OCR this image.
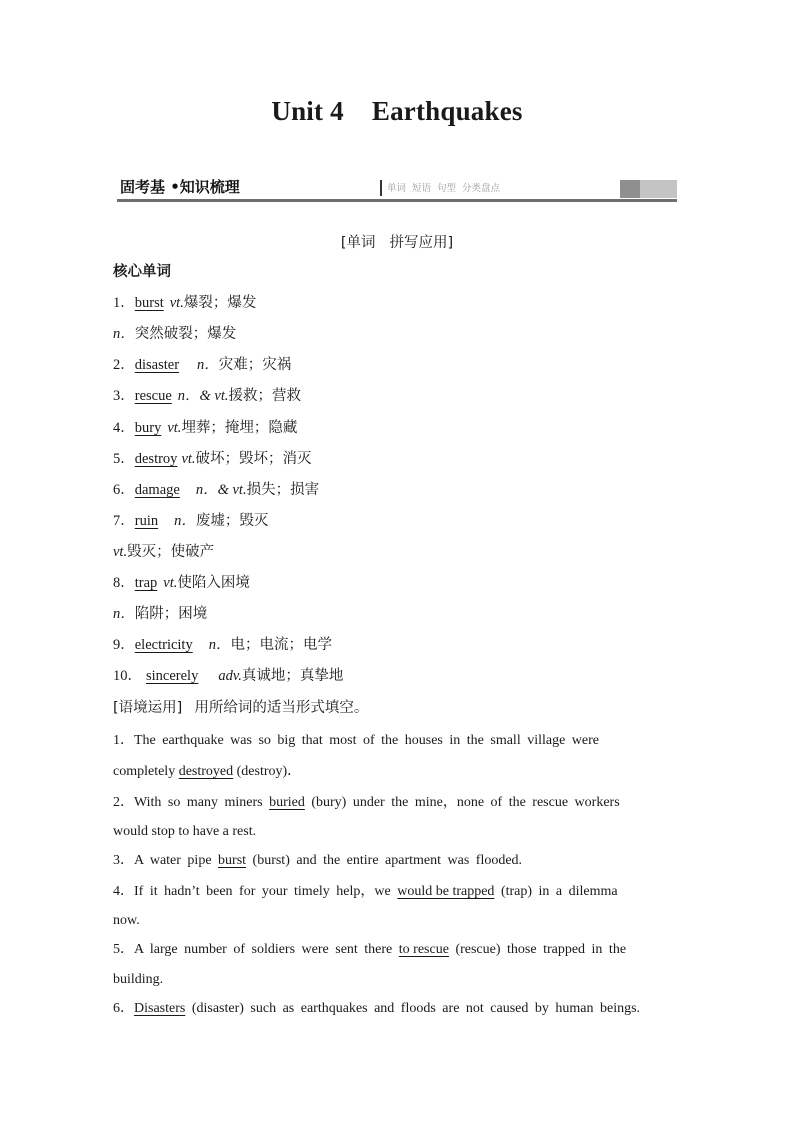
Unit 4 Earthquakes
固考基 •知识梳理	单词 短语 句型 分类盘点
[单词 拼写应用]
核心单词
1．burst vt.爆裂；爆发
n．突然破裂；爆发
2．disaster n．灾难；灾祸
3．rescue n．& vt.援救；营救
4．bury vt.埋葬；掩埋；隐藏
5．destroy vt.破坏；毁坏；消灭
6．damage n．& vt.损失；损害
7．ruin n．废墟；毁灭
vt.毁灭；使破产
8．trap vt.使陷入困境
n．陷阱；困境
9．electricity n．电；电流；电学
10． sincerely adv.真诚地；真挚地
[语境运用] 用所给词的适当形式填空。
1．The earthquake was so big that most of the houses in the small village were
completely destroyed (destroy)．
2．With so many miners buried (bury) under the mine，none of the rescue workers
would stop to have a rest.
3．A water pipe burst (burst) and the entire apartment was flooded.
4．If it hadn’t been for your timely help，we would be trapped (trap) in a dilemma
now.
5．A large number of soldiers were sent there to rescue (rescue) those trapped in the
building.
6．Disasters (disaster) such as earthquakes and floods are not caused by human beings.
